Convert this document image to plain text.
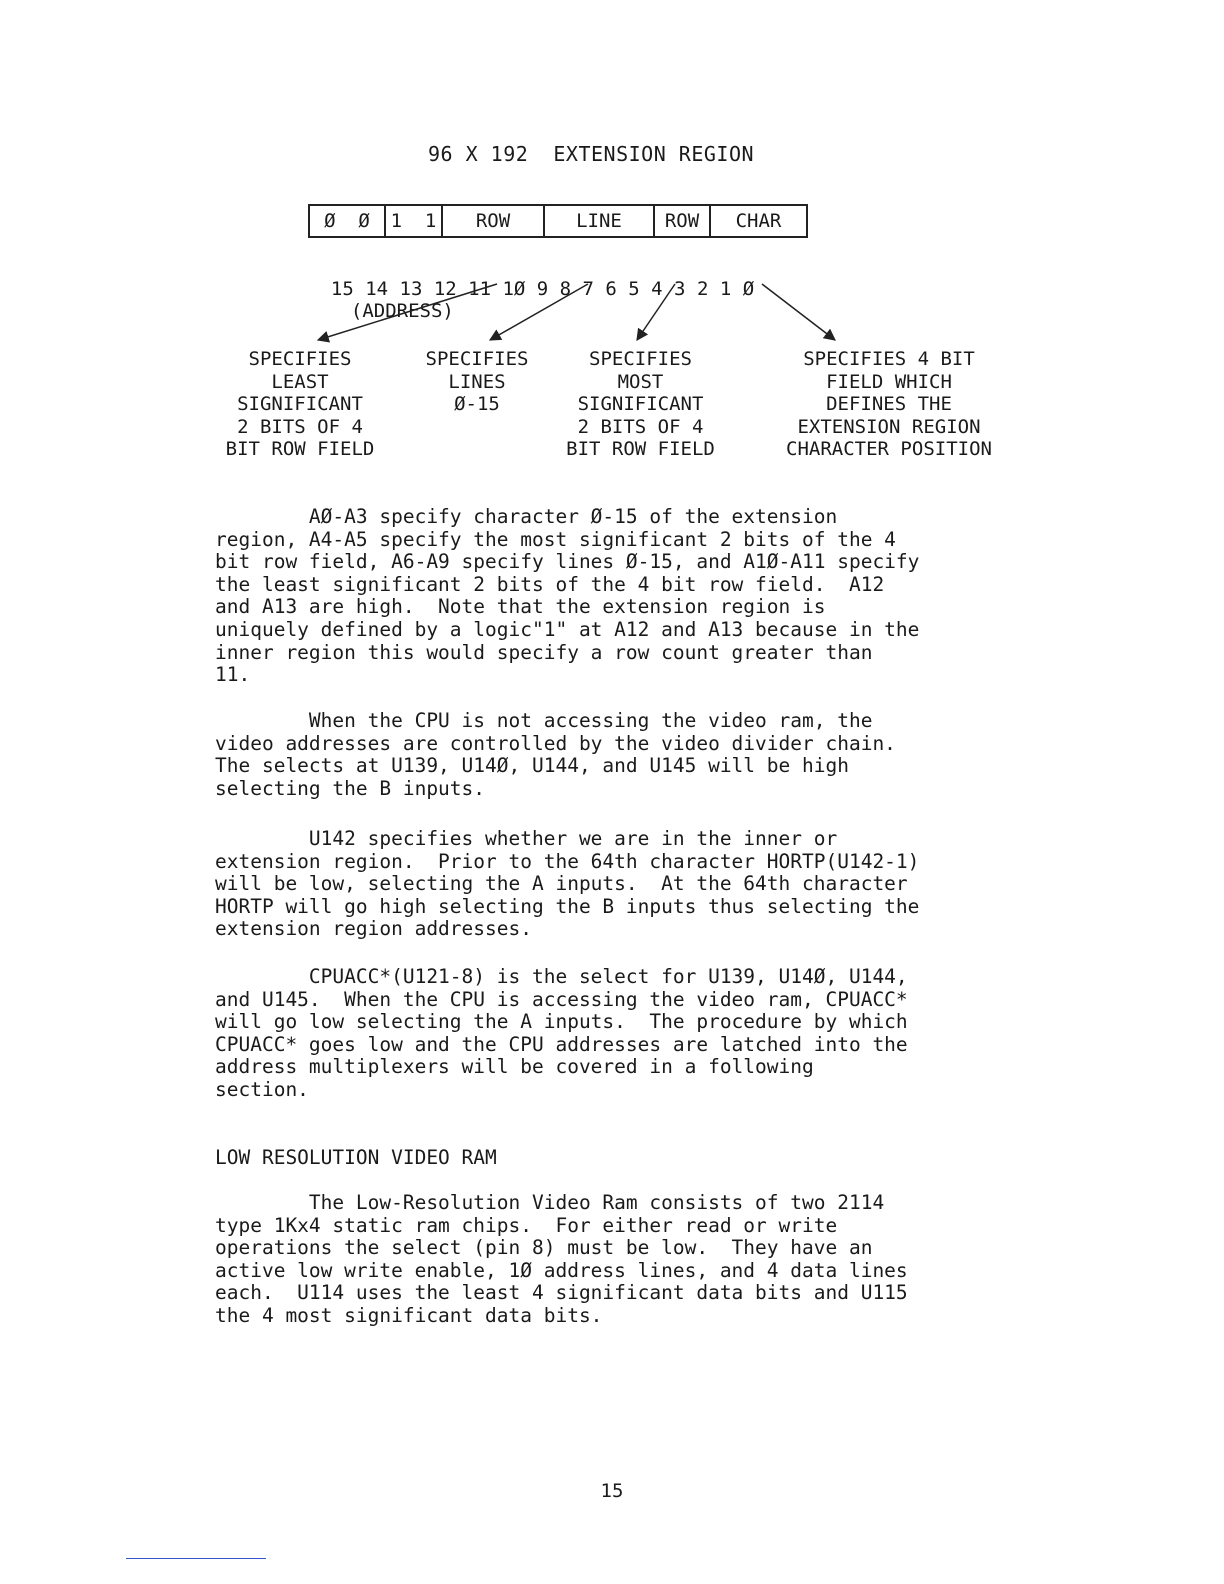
96 X 192  EXTENSION REGION
Ø  Ø	1  1	ROW	LINE	ROW	CHAR

15 14 13 12 11 1Ø 9 8 7 6 5 4 3 2 1 Ø
(ADDRESS)

SPECIFIES
LEAST
SIGNIFICANT
2 BITS OF 4
BIT ROW FIELD
SPECIFIES
LINES
Ø-15
SPECIFIES
MOST
SIGNIFICANT
2 BITS OF 4
BIT ROW FIELD
SPECIFIES 4 BIT
FIELD WHICH
DEFINES THE
EXTENSION REGION
CHARACTER POSITION
AØ-A3 specify character Ø-15 of the extension
region, A4-A5 specify the most significant 2 bits of the 4
bit row field, A6-A9 specify lines Ø-15, and A1Ø-A11 specify
the least significant 2 bits of the 4 bit row field.  A12
and A13 are high.  Note that the extension region is
uniquely defined by a logic"1" at A12 and A13 because in the
inner region this would specify a row count greater than
11.
When the CPU is not accessing the video ram, the
video addresses are controlled by the video divider chain.
The selects at U139, U14Ø, U144, and U145 will be high
selecting the B inputs.
U142 specifies whether we are in the inner or
extension region.  Prior to the 64th character HORTP(U142-1)
will be low, selecting the A inputs.  At the 64th character
HORTP will go high selecting the B inputs thus selecting the
extension region addresses.
CPUACC*(U121-8) is the select for U139, U14Ø, U144,
and U145.  When the CPU is accessing the video ram, CPUACC*
will go low selecting the A inputs.  The procedure by which
CPUACC* goes low and the CPU addresses are latched into the
address multiplexers will be covered in a following
section.
LOW RESOLUTION VIDEO RAM
The Low-Resolution Video Ram consists of two 2114
type 1Kx4 static ram chips.  For either read or write
operations the select (pin 8) must be low.  They have an
active low write enable, 1Ø address lines, and 4 data lines
each.  U114 uses the least 4 significant data bits and U115
the 4 most significant data bits.
15
